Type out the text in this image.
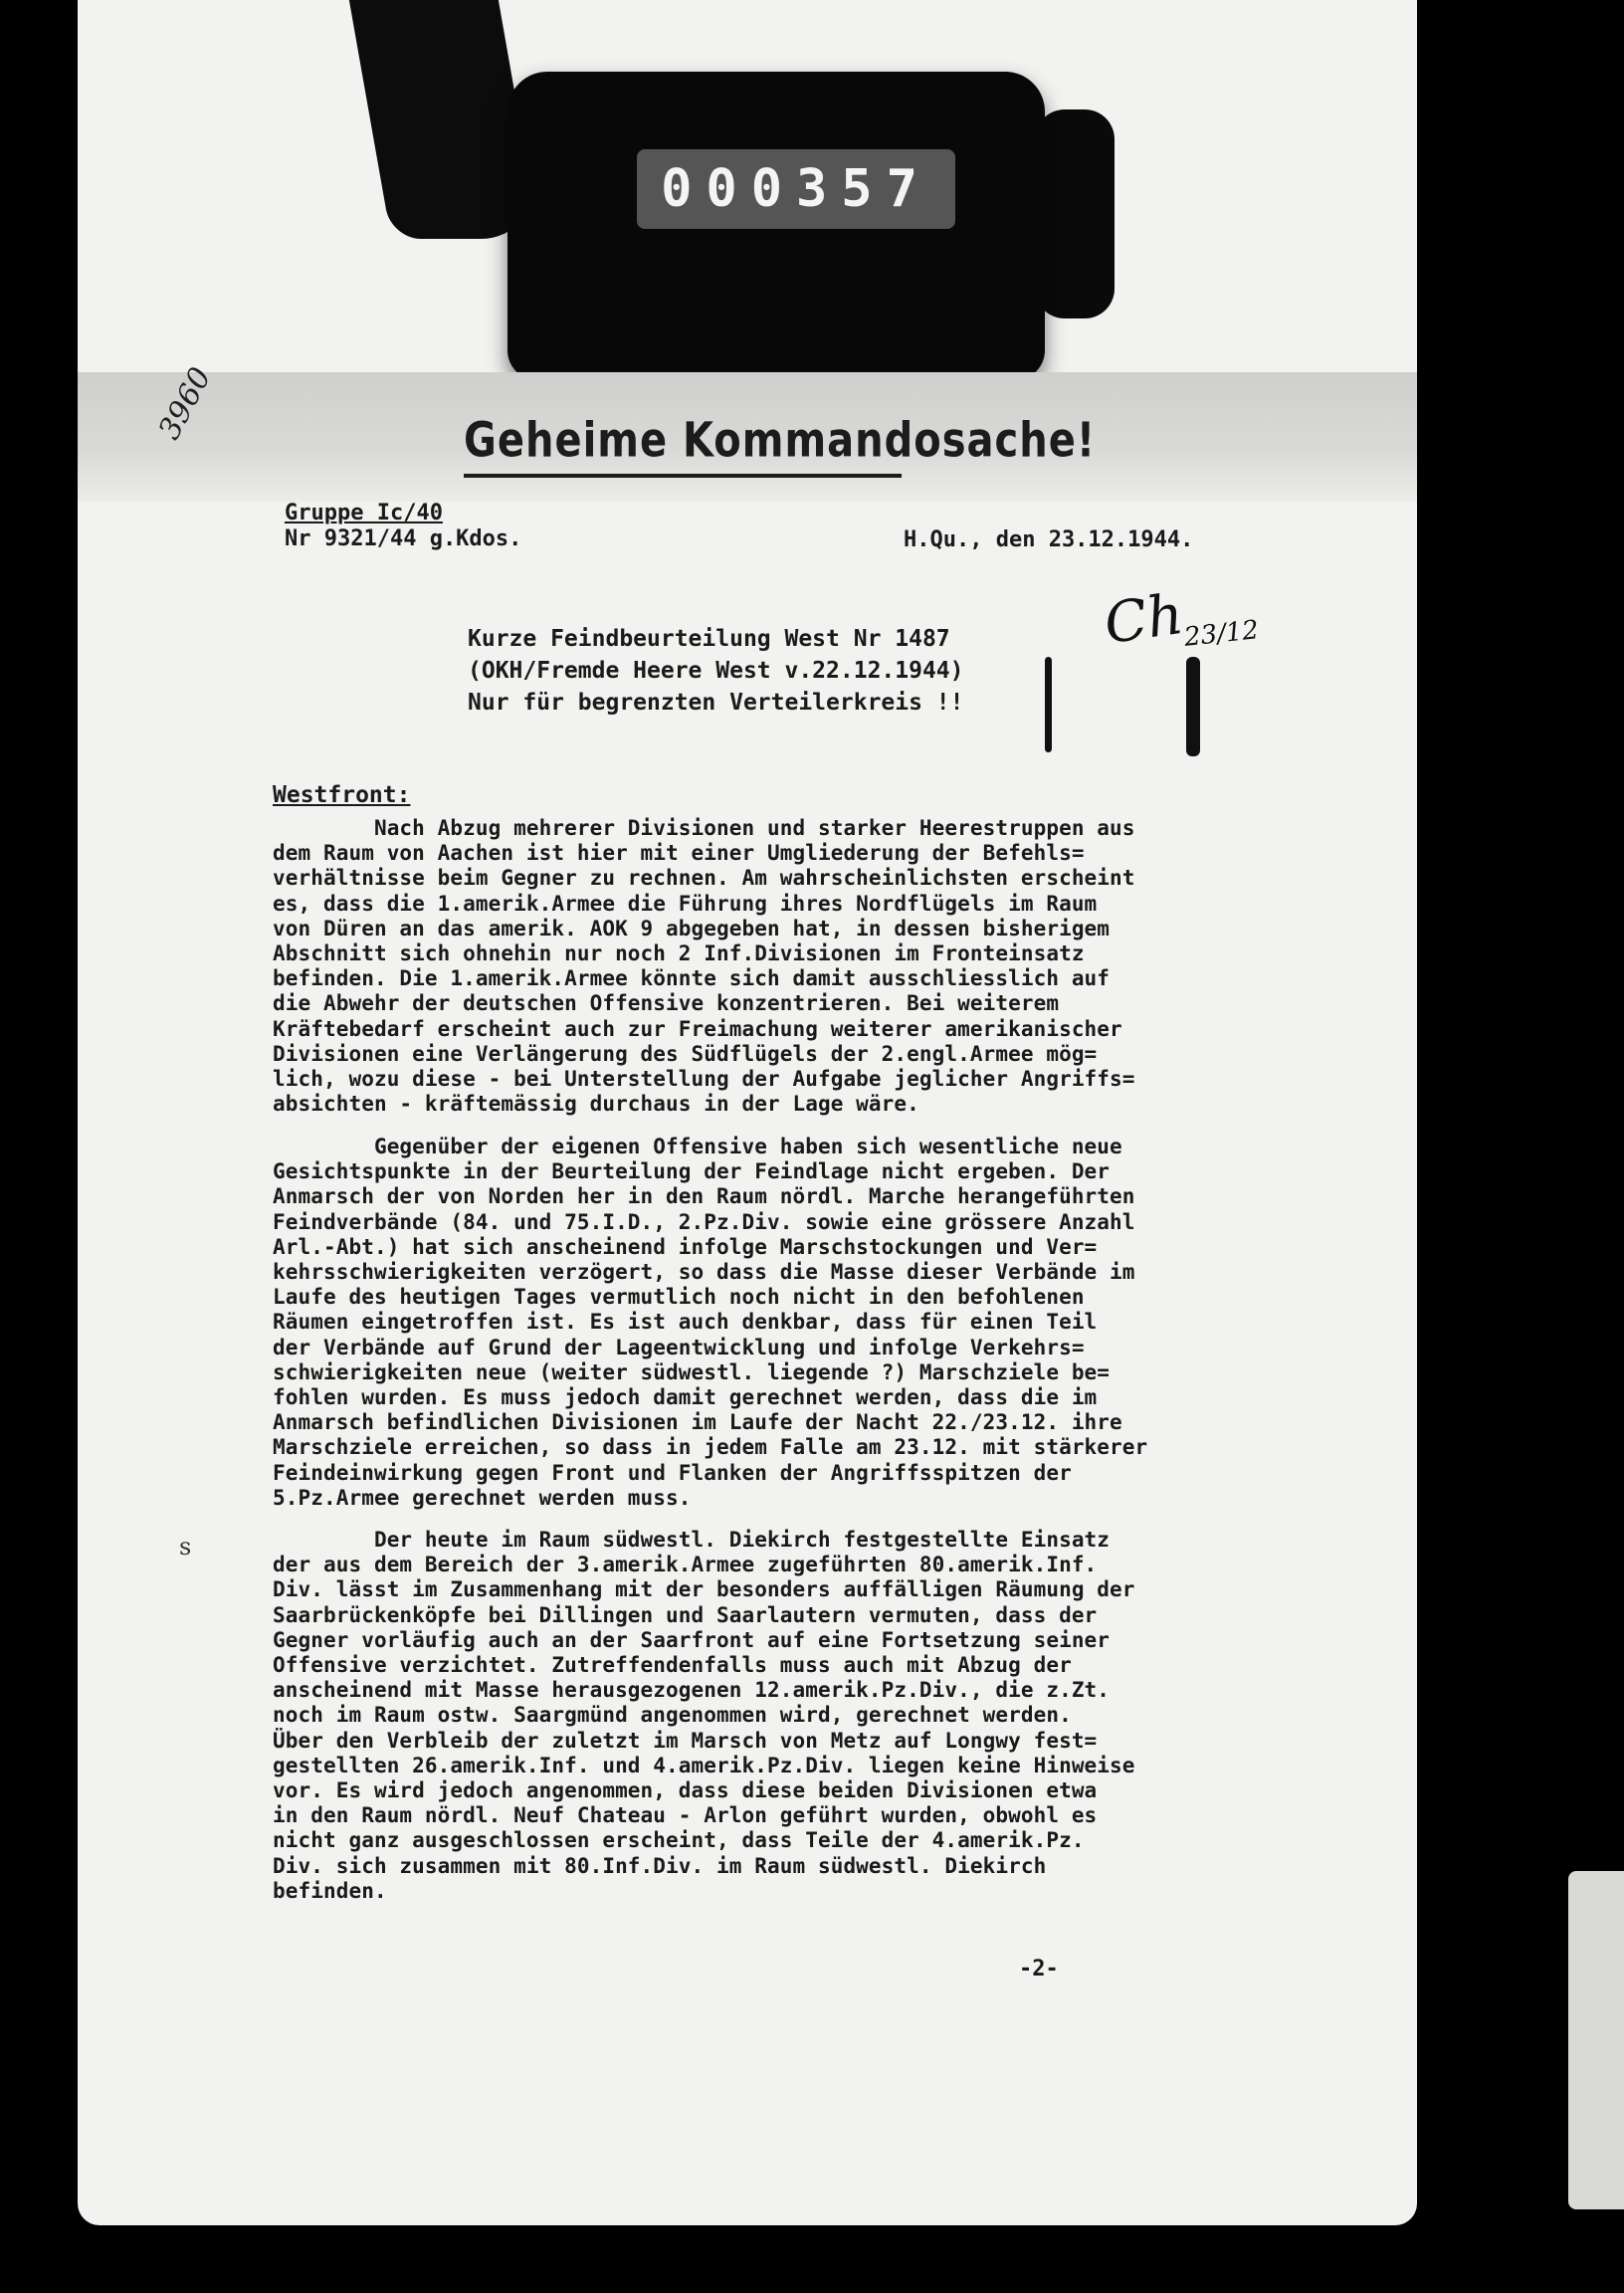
000357
3960	Geheime Kommandosache!
Gruppe Ic/40
Nr 9321/44 g.Kdos.	H.Qu., den 23.12.1944.
Kurze Feindbeurteilung West Nr 1487
(OKH/Fremde Heere West v.22.12.1944)
Nur für begrenzten Verteilerkreis !!
Ch
23/12
Westfront:
Nach Abzug mehrerer Divisionen und starker Heerestruppen aus
dem Raum von Aachen ist hier mit einer Umgliederung der Befehls=
verhältnisse beim Gegner zu rechnen. Am wahrscheinlichsten erscheint
es, dass die 1.amerik.Armee die Führung ihres Nordflügels im Raum
von Düren an das amerik. AOK 9 abgegeben hat, in dessen bisherigem
Abschnitt sich ohnehin nur noch 2 Inf.Divisionen im Fronteinsatz
befinden. Die 1.amerik.Armee könnte sich damit ausschliesslich auf
die Abwehr der deutschen Offensive konzentrieren. Bei weiterem
Kräftebedarf erscheint auch zur Freimachung weiterer amerikanischer
Divisionen eine Verlängerung des Südflügels der 2.engl.Armee mög=
lich, wozu diese - bei Unterstellung der Aufgabe jeglicher Angriffs=
absichten - kräftemässig durchaus in der Lage wäre.
Gegenüber der eigenen Offensive haben sich wesentliche neue
Gesichtspunkte in der Beurteilung der Feindlage nicht ergeben. Der
Anmarsch der von Norden her in den Raum nördl. Marche herangeführten
Feindverbände (84. und 75.I.D., 2.Pz.Div. sowie eine grössere Anzahl
Arl.-Abt.) hat sich anscheinend infolge Marschstockungen und Ver=
kehrsschwierigkeiten verzögert, so dass die Masse dieser Verbände im
Laufe des heutigen Tages vermutlich noch nicht in den befohlenen
Räumen eingetroffen ist. Es ist auch denkbar, dass für einen Teil
der Verbände auf Grund der Lageentwicklung und infolge Verkehrs=
schwierigkeiten neue (weiter südwestl. liegende ?) Marschziele be=
fohlen wurden. Es muss jedoch damit gerechnet werden, dass die im
Anmarsch befindlichen Divisionen im Laufe der Nacht 22./23.12. ihre
Marschziele erreichen, so dass in jedem Falle am 23.12. mit stärkerer
Feindeinwirkung gegen Front und Flanken der Angriffsspitzen der
5.Pz.Armee gerechnet werden muss.
Der heute im Raum südwestl. Diekirch festgestellte Einsatz
der aus dem Bereich der 3.amerik.Armee zugeführten 80.amerik.Inf.
Div. lässt im Zusammenhang mit der besonders auffälligen Räumung der
Saarbrückenköpfe bei Dillingen und Saarlautern vermuten, dass der
Gegner vorläufig auch an der Saarfront auf eine Fortsetzung seiner
Offensive verzichtet. Zutreffendenfalls muss auch mit Abzug der
anscheinend mit Masse herausgezogenen 12.amerik.Pz.Div., die z.Zt.
noch im Raum ostw. Saargmünd angenommen wird, gerechnet werden.
Über den Verbleib der zuletzt im Marsch von Metz auf Longwy fest=
gestellten 26.amerik.Inf. und 4.amerik.Pz.Div. liegen keine Hinweise
vor. Es wird jedoch angenommen, dass diese beiden Divisionen etwa
in den Raum nördl. Neuf Chateau - Arlon geführt wurden, obwohl es
nicht ganz ausgeschlossen erscheint, dass Teile der 4.amerik.Pz.
Div. sich zusammen mit 80.Inf.Div. im Raum südwestl. Diekirch
befinden.
s
-2-
